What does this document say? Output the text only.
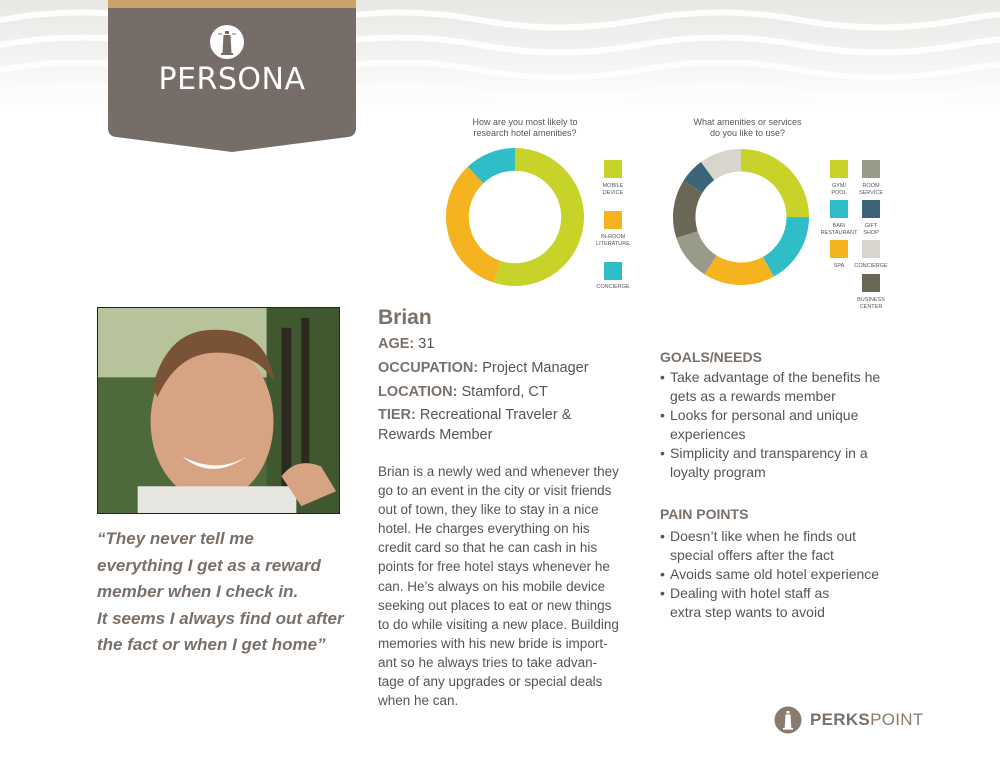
PERSONA
How are you most likely to
research hotel amenities?
MOBILE
DEVICE
IN-ROOM
LITERATURE
CONCIERGE
What amenities or services
do you like to use?
GYM/
POOL
ROOM
SERVICE
BAR/
RESTAURANT
GIFT
SHOP
SPA	CONCIERGE
BUSINESS
CENTER
“They never tell me
everything I get as a reward
member when I check in.
It seems I always find out after
the fact or when I get home”
Brian
AGE: 31
OCCUPATION: Project Manager
LOCATION: Stamford, CT
TIER: Recreational Traveler &
Rewards Member
Brian is a newly wed and whenever they
go to an event in the city or visit friends
out of town, they like to stay in a nice
hotel. He charges everything on his
credit card so that he can cash in his
points for free hotel stays whenever he
can. He’s always on his mobile device
seeking out places to eat or new things
to do while visiting a new place. Building
memories with his new bride is import-
ant so he always tries to take advan-
tage of any upgrades or special deals
when he can.
GOALS/NEEDS
• Take advantage of the benefits he
gets as a rewards member
• Looks for personal and unique
experiences
• Simplicity and transparency in a
loyalty program
PAIN POINTS
• Doesn’t like when he finds out
special offers after the fact
• Avoids same old hotel experience
• Dealing with hotel staff as
extra step wants to avoid
PERKSPOINT
